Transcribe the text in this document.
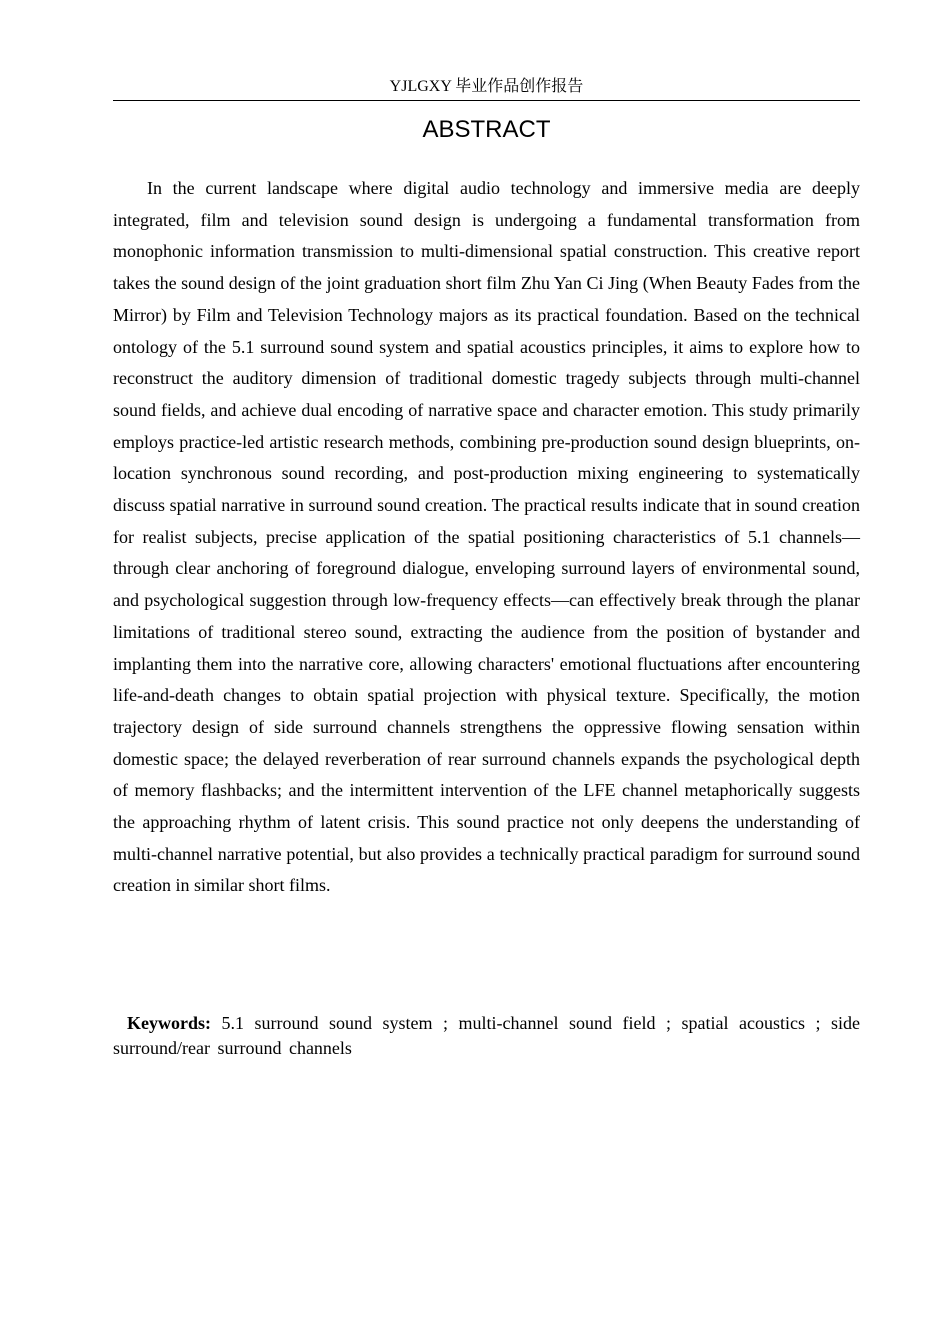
YJLGXY 毕业作品创作报告
ABSTRACT

In the current landscape where digital audio technology and immersive media are deeply integrated, film and television sound design is undergoing a fundamental transformation from monophonic information transmission to multi-dimensional spatial construction. This creative report takes the sound design of the joint graduation short film Zhu Yan Ci Jing (When Beauty Fades from the Mirror) by Film and Television Technology majors as its practical foundation. Based on the technical ontology of the 5.1 surround sound system and spatial acoustics principles, it aims to explore how to reconstruct the auditory dimension of traditional domestic tragedy subjects through multi-channel sound fields, and achieve dual encoding of narrative space and character emotion. This study primarily employs practice-led artistic research methods, combining pre-production sound design blueprints, on-location synchronous sound recording, and post-production mixing engineering to systematically discuss spatial narrative in surround sound creation. The practical results indicate that in sound creation for realist subjects, precise application of the spatial positioning characteristics of 5.1 channels—through clear anchoring of foreground dialogue, enveloping surround layers of environmental sound, and psychological suggestion through low-frequency effects—can effectively break through the planar limitations of traditional stereo sound, extracting the audience from the position of bystander and implanting them into the narrative core, allowing characters' emotional fluctuations after encountering life-and-death changes to obtain spatial projection with physical texture. Specifically, the motion trajectory design of side surround channels strengthens the oppressive flowing sensation within domestic space; the delayed reverberation of rear surround channels expands the psychological depth of memory flashbacks; and the intermittent intervention of the LFE channel metaphorically suggests the approaching rhythm of latent crisis. This sound practice not only deepens the understanding of multi-channel narrative potential, but also provides a technically practical paradigm for surround sound creation in similar short films.

Keywords: 5.1 surround sound system ; multi-channel sound field ; spatial acoustics ; side surround/rear surround channels
